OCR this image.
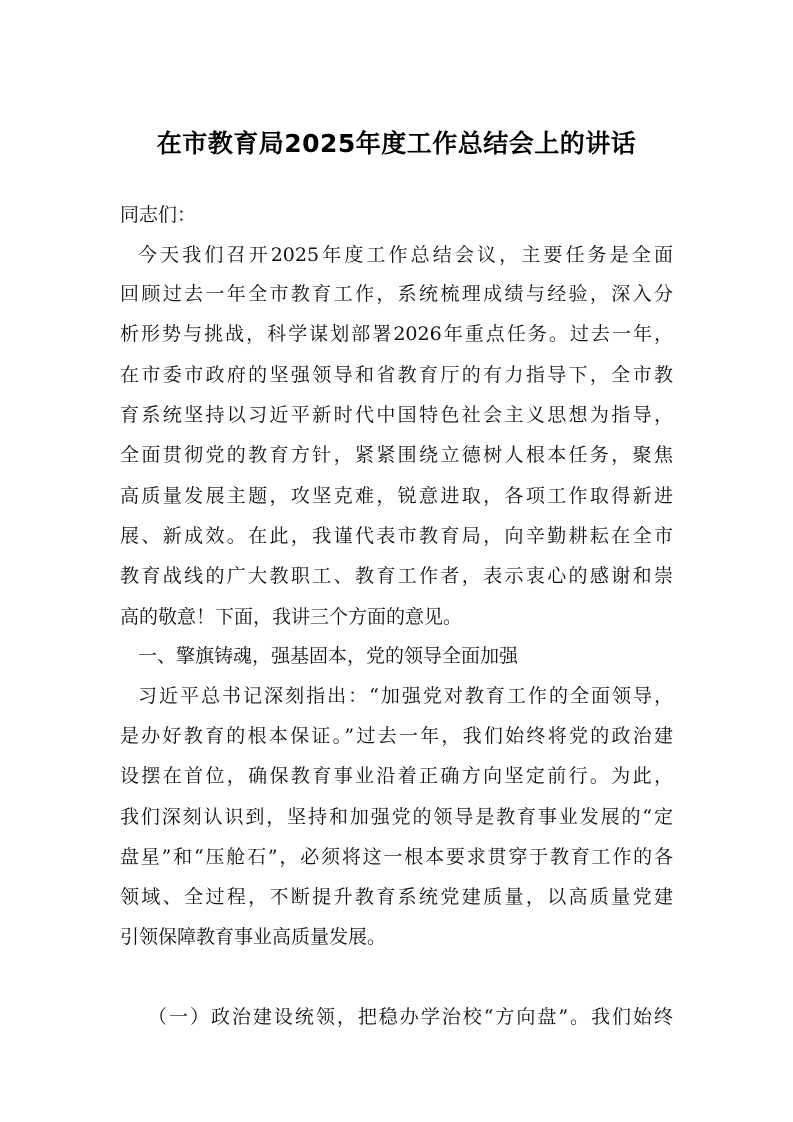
在市教育局2025年度工作总结会上的讲话
同志们：
今天我们召开2025年度工作总结会议，主要任务是全面
回顾过去一年全市教育工作，系统梳理成绩与经验，深入分
析形势与挑战，科学谋划部署2026年重点任务。过去一年，
在市委市政府的坚强领导和省教育厅的有力指导下，全市教
育系统坚持以习近平新时代中国特色社会主义思想为指导，
全面贯彻党的教育方针，紧紧围绕立德树人根本任务，聚焦
高质量发展主题，攻坚克难，锐意进取，各项工作取得新进
展、新成效。在此，我谨代表市教育局，向辛勤耕耘在全市
教育战线的广大教职工、教育工作者，表示衷心的感谢和崇
高的敬意！下面，我讲三个方面的意见。
一、擎旗铸魂，强基固本，党的领导全面加强
习近平总书记深刻指出：“加强党对教育工作的全面领导，
是办好教育的根本保证。”过去一年，我们始终将党的政治建
设摆在首位，确保教育事业沿着正确方向坚定前行。为此，
我们深刻认识到，坚持和加强党的领导是教育事业发展的“定
盘星”和“压舱石”，必须将这一根本要求贯穿于教育工作的各
领域、全过程，不断提升教育系统党建质量，以高质量党建
引领保障教育事业高质量发展。
（一）政治建设统领，把稳办学治校“方向盘”。我们始终
